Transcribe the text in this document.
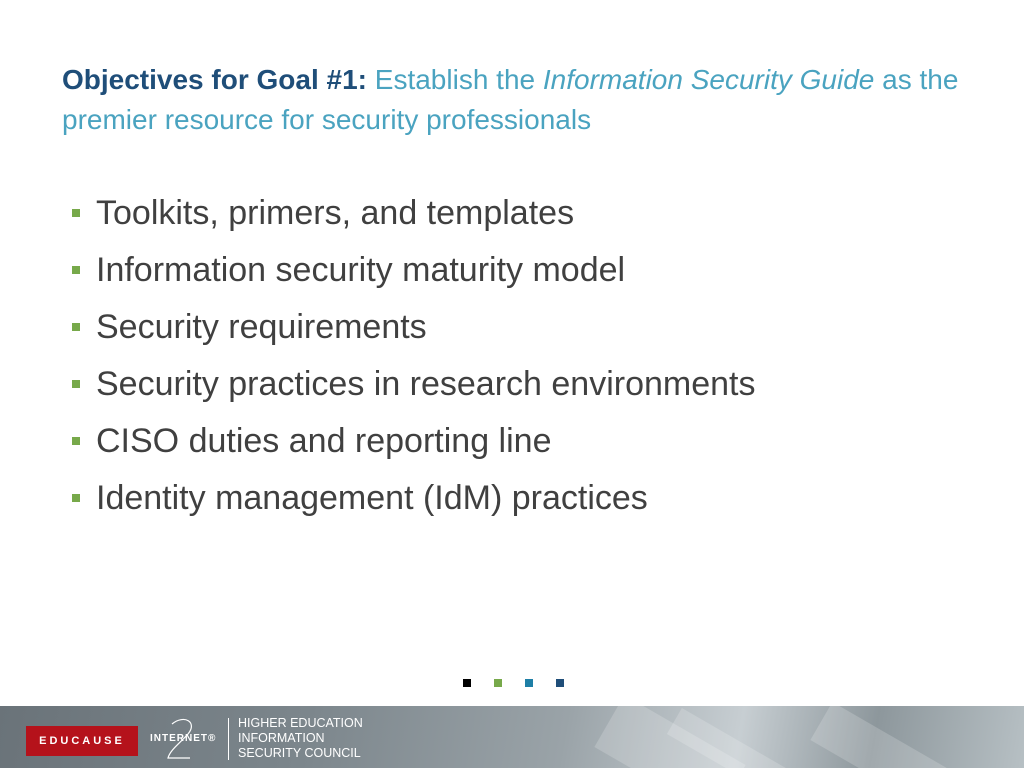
Objectives for Goal #1: Establish the Information Security Guide as the premier resource for security professionals
Toolkits, primers, and templates
Information security maturity model
Security requirements
Security practices in research environments
CISO duties and reporting line
Identity management (IdM) practices
EDUCAUSE	INTERNET®
HIGHER EDUCATION
INFORMATION
SECURITY COUNCIL
